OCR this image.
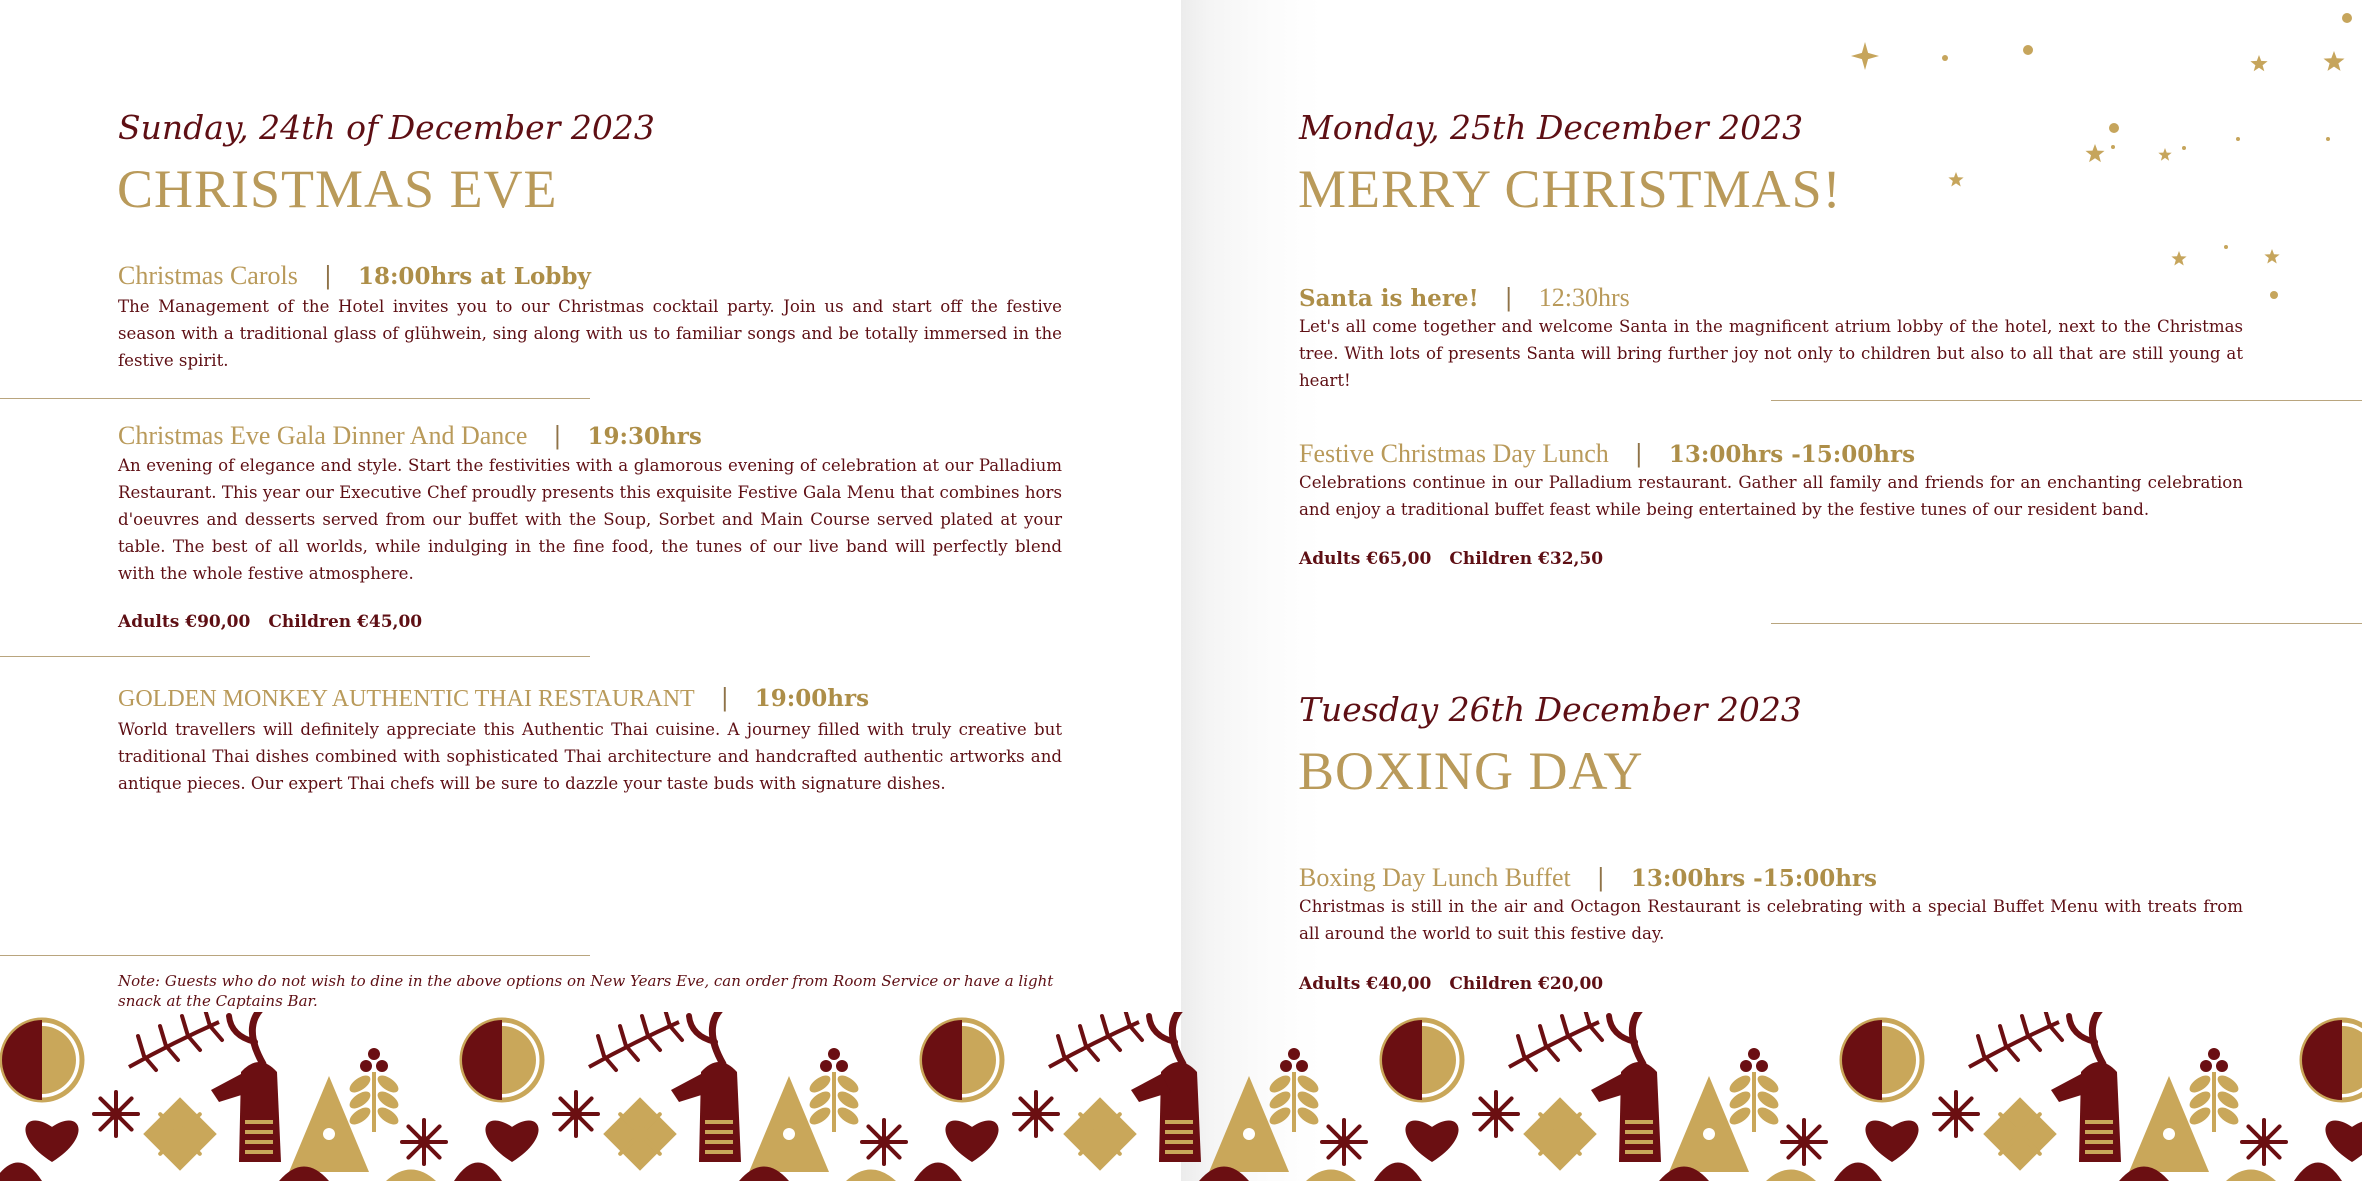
Sunday, 24th of December 2023
CHRISTMAS EVE
Christmas Carols | 18:00hrs at Lobby
The Management of the Hotel invites you to our Christmas cocktail party. Join us and start off the festive season with a traditional glass of glühwein, sing along with us to familiar songs and be totally immersed in the festive spirit.
Christmas Eve Gala Dinner And Dance | 19:30hrs
An evening of elegance and style. Start the festivities with a glamorous evening of celebration at our Palladium Restaurant. This year our Executive Chef proudly presents this exquisite Festive Gala Menu that combines hors d'oeuvres and desserts served from our buffet with the Soup, Sorbet and Main Course served plated at your table. The best of all worlds, while indulging in the fine food, the tunes of our live band will perfectly blend with the whole festive atmosphere.
Adults €90,00 Children €45,00
GOLDEN MONKEY AUTHENTIC THAI RESTAURANT | 19:00hrs
World travellers will definitely appreciate this Authentic Thai cuisine. A journey filled with truly creative but traditional Thai dishes combined with sophisticated Thai architecture and handcrafted authentic artworks and antique pieces. Our expert Thai chefs will be sure to dazzle your taste buds with signature dishes.
Note: Guests who do not wish to dine in the above options on New Years Eve, can order from Room Service or have a light snack at the Captains Bar.
Monday, 25th December 2023
MERRY CHRISTMAS!
Santa is here! | 12:30hrs
Let's all come together and welcome Santa in the magnificent atrium lobby of the hotel, next to the Christmas tree. With lots of presents Santa will bring further joy not only to children but also to all that are still young at heart!
Festive Christmas Day Lunch | 13:00hrs -15:00hrs
Celebrations continue in our Palladium restaurant. Gather all family and friends for an enchanting celebration and enjoy a traditional buffet feast while being entertained by the festive tunes of our resident band.
Adults €65,00 Children €32,50
Tuesday 26th December 2023
BOXING DAY
Boxing Day Lunch Buffet | 13:00hrs -15:00hrs
Christmas is still in the air and Octagon Restaurant is celebrating with a special Buffet Menu with treats from all around the world to suit this festive day.
Adults €40,00 Children €20,00
